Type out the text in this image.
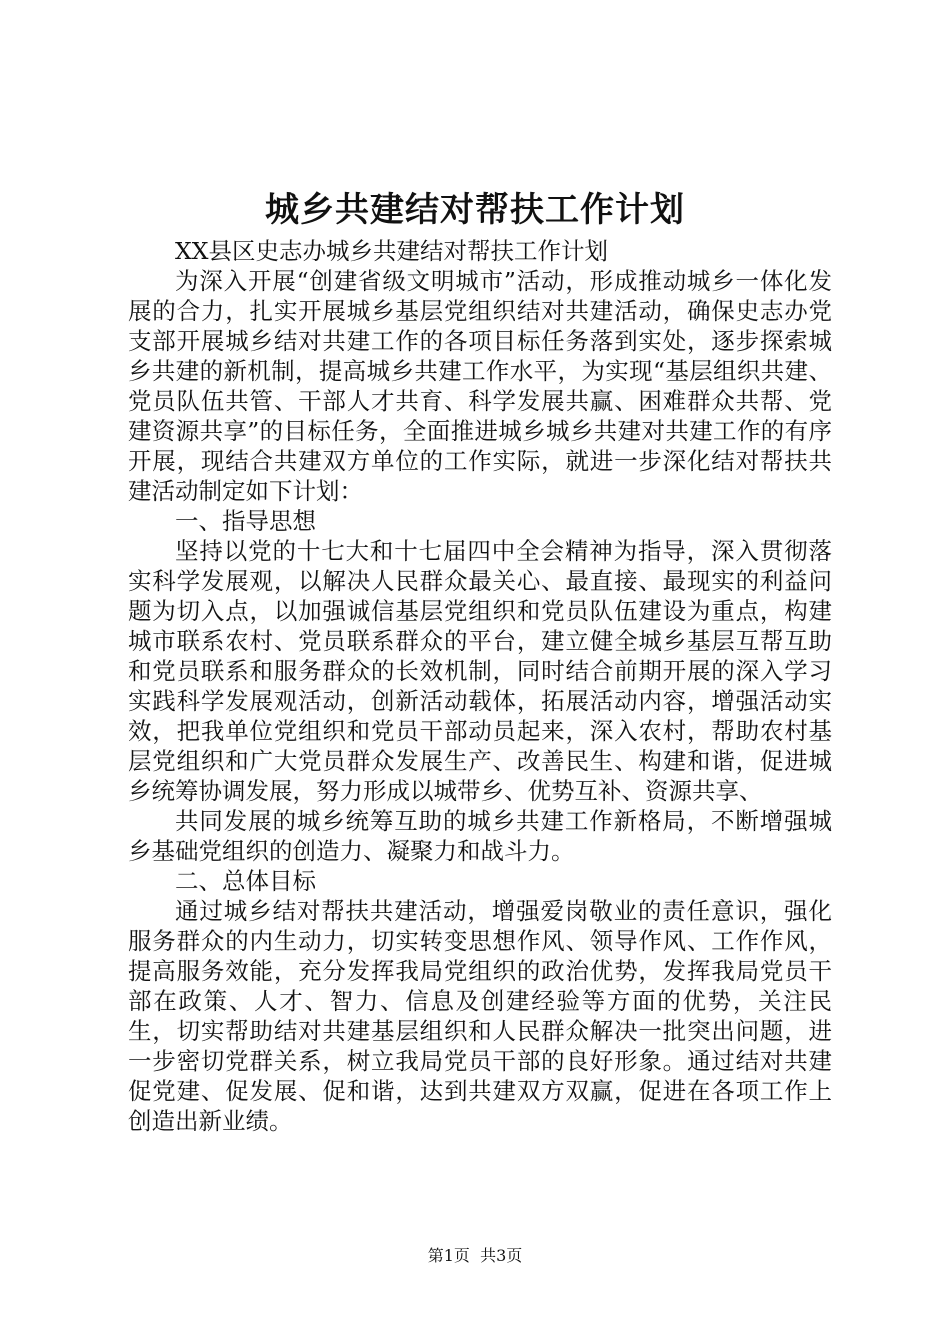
城乡共建结对帮扶工作计划

XX县区史志办城乡共建结对帮扶工作计划

为深入开展“创建省级文明城市”活动，形成推动城乡一体化发展的合力，扎实开展城乡基层党组织结对共建活动，确保史志办党支部开展城乡结对共建工作的各项目标任务落到实处，逐步探索城乡共建的新机制，提高城乡共建工作水平，为实现“基层组织共建、党员队伍共管、干部人才共育、科学发展共赢、困难群众共帮、党建资源共享”的目标任务，全面推进城乡城乡共建对共建工作的有序开展，现结合共建双方单位的工作实际，就进一步深化结对帮扶共建活动制定如下计划：

一、指导思想

坚持以党的十七大和十七届四中全会精神为指导，深入贯彻落实科学发展观，以解决人民群众最关心、最直接、最现实的利益问题为切入点，以加强诚信基层党组织和党员队伍建设为重点，构建城市联系农村、党员联系群众的平台，建立健全城乡基层互帮互助和党员联系和服务群众的长效机制，同时结合前期开展的深入学习实践科学发展观活动，创新活动载体，拓展活动内容，增强活动实效，把我单位党组织和党员干部动员起来，深入农村，帮助农村基层党组织和广大党员群众发展生产、改善民生、构建和谐，促进城乡统筹协调发展，努力形成以城带乡、优势互补、资源共享、

共同发展的城乡统筹互助的城乡共建工作新格局，不断增强城乡基础党组织的创造力、凝聚力和战斗力。

二、总体目标

通过城乡结对帮扶共建活动，增强爱岗敬业的责任意识，强化服务群众的内生动力，切实转变思想作风、领导作风、工作作风，提高服务效能，充分发挥我局党组织的政治优势，发挥我局党员干部在政策、人才、智力、信息及创建经验等方面的优势，关注民生，切实帮助结对共建基层组织和人民群众解决一批突出问题，进一步密切党群关系，树立我局党员干部的良好形象。通过结对共建促党建、促发展、促和谐，达到共建双方双赢，促进在各项工作上创造出新业绩。

第1页 共3页
